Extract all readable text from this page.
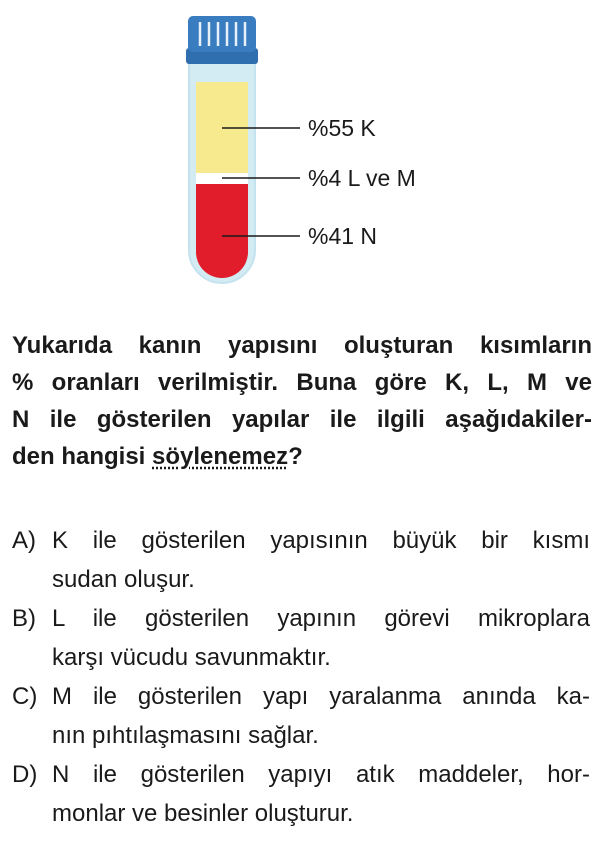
%55 K
%4 L ve M
%41 N
Yukarıda kanın yapısını oluşturan kısımların
% oranları verilmiştir. Buna göre K, L, M ve
N ile gösterilen yapılar ile ilgili aşağıdakiler-
den hangisi söylenemez?
A) K ile gösterilen yapısının büyük bir kısmı
sudan oluşur.
B) L ile gösterilen yapının görevi mikroplara
karşı vücudu savunmaktır.
C) M ile gösterilen yapı yaralanma anında ka-
nın pıhtılaşmasını sağlar.
D) N ile gösterilen yapıyı atık maddeler, hor-
monlar ve besinler oluşturur.
